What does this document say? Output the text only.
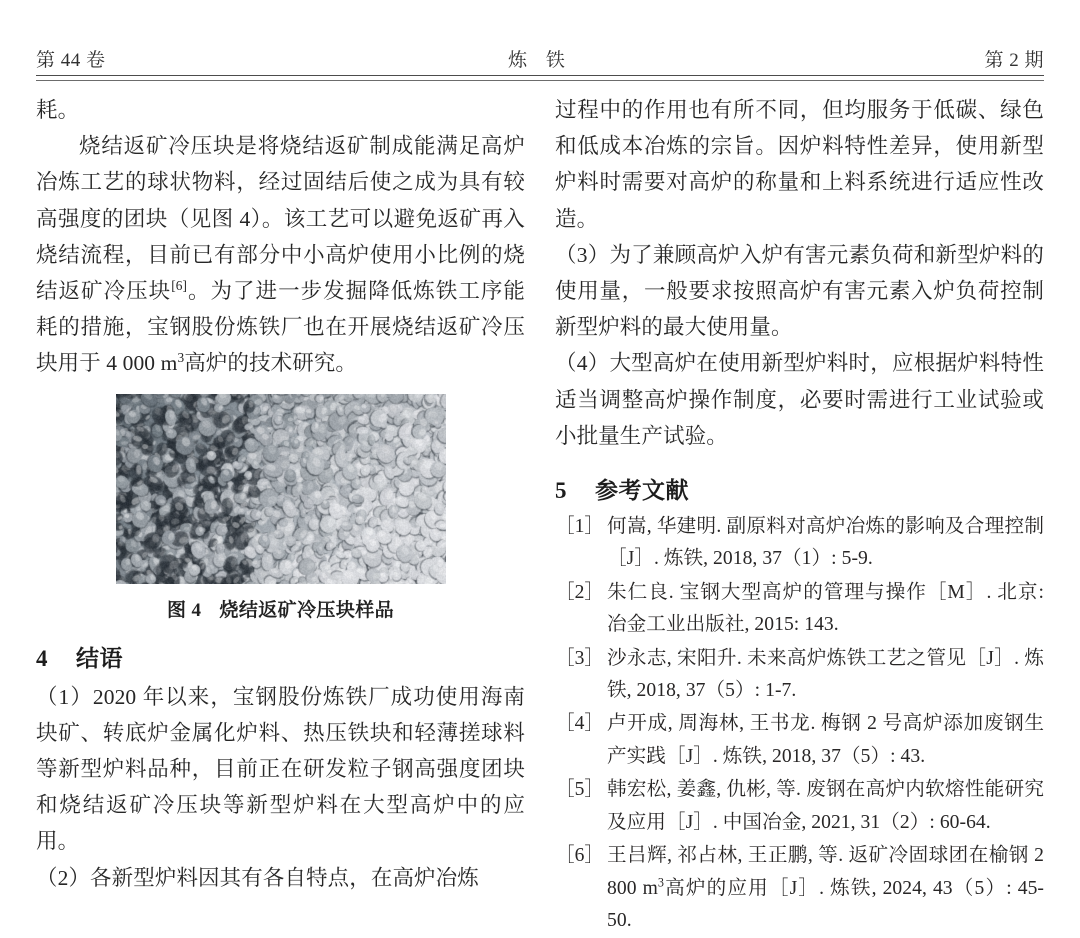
第 44 卷	炼 铁	第 2 期

耗。

烧结返矿冷压块是将烧结返矿制成能满足高炉冶炼工艺的球状物料，经过固结后使之成为具有较高强度的团块（见图 4）。该工艺可以避免返矿再入烧结流程，目前已有部分中小高炉使用小比例的烧结返矿冷压块[6]。为了进一步发掘降低炼铁工序能耗的措施，宝钢股份炼铁厂也在开展烧结返矿冷压块用于 4 000 $m^3$高炉的技术研究。

图 4 烧结返矿冷压块样品
4 结语

（1）2020 年以来，宝钢股份炼铁厂成功使用海南块矿、转底炉金属化炉料、热压铁块和轻薄搓球料等新型炉料品种，目前正在研发粒子钢高强度团块和烧结返矿冷压块等新型炉料在大型高炉中的应用。

（2）各新型炉料因其有各自特点，在高炉冶炼

过程中的作用也有所不同，但均服务于低碳、绿色和低成本冶炼的宗旨。因炉料特性差异，使用新型炉料时需要对高炉的称量和上料系统进行适应性改造。

（3）为了兼顾高炉入炉有害元素负荷和新型炉料的使用量，一般要求按照高炉有害元素入炉负荷控制新型炉料的最大使用量。

（4）大型高炉在使用新型炉料时，应根据炉料特性适当调整高炉操作制度，必要时需进行工业试验或小批量生产试验。

5 参考文献
［1］ 何嵩, 华建明. 副原料对高炉冶炼的影响及合理控制［J］. 炼铁, 2018, 37（1）: 5-9.
［2］ 朱仁良. 宝钢大型高炉的管理与操作［M］. 北京: 冶金工业出版社, 2015: 143.
［3］ 沙永志, 宋阳升. 未来高炉炼铁工艺之管见［J］. 炼铁, 2018, 37（5）: 1-7.
［4］ 卢开成, 周海林, 王书龙. 梅钢 2 号高炉添加废钢生产实践［J］. 炼铁, 2018, 37（5）: 43.
［5］ 韩宏松, 姜鑫, 仇彬, 等. 废钢在高炉内软熔性能研究及应用［J］. 中国冶金, 2021, 31（2）: 60-64.
［6］ 王吕辉, 祁占林, 王正鹏, 等. 返矿冷固球团在榆钢 2 800 $m^3$高炉的应用［J］. 炼铁, 2024, 43（5）: 45-50.
